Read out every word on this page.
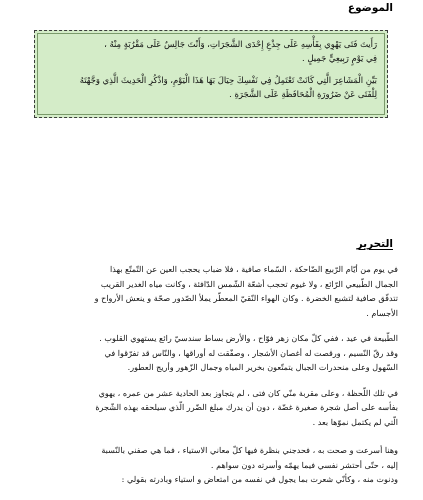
الموضوع
رَأَيتَ فَتَى يَهْوِي بِفَأْسِهِ عَلَى جِذْعِ إِحْدَى الشَّجَرَاتِ، وَأَنْتَ جَالِسٌ عَلَى مَقْرُبَةٍ مِنْهُ ،
فِي يَوْمٍ رَبِيعِيٍّ جَمِيلٍ .
بَيِّنِ الْمَشَاعِرَ الَّتِي كَانَتْ تَعْتَمِلُ فِي نَفْسِكَ حِيَالَ بَهَا هَذَا الْيَوْمِ، وَاذْكُرِ الْحَدِيثَ الَّذِي وَجَّهْتَهُ
لِلْفَتَى عَنْ ضَرُورَةِ الْمُحَافَظَةِ عَلَى الشَّجَرَةِ .
التحرير
في يوم من أيّام الرّبيع الضّاحكة ، السّماء صافية ، فلا ضباب يحجب العين عن التّمتّع بهذا
الجمال الطّبيعي الرّائع ، ولا غيوم تحجب أشعّة الشّمس الدّافئة ، وكانت مياه الغدير القريب
تتدفّق صافية لتشبع الخضرة . وكان الهواء النّقيّ المعطّر يملأ الصّدور صحّة و ينعش الأرواح و
الأجسام .
الطّبيعة في عيد ، ففي كلّ مكان زهر فوّاح ، والأرض بساط سندسيّ رائع يستهوي القلوب .
وقد رقّ النّسيم ، ورقصت له أغصان الأشجار ، وصفّقت له أوراقها ، والنّاس قد تفرّقوا في
السّهول وعلى منحدرات الجبال يتمتّعون بخرير المياه وجمال الزّهور وأريج العطور.
في تلك اللّحظة ، وعلى مقربة منّي كان فتى ، لم يتجاوز بعد الحادية عشر من عمره ، يهوي
بفأسه على أصل شجرة صغيرة غضّة ، دون أن يدرك مبلغ الضّرر الّذي سيلحقه بهذه الشّجرة
الّتي لم يكتمل نموّها بعد .
وهنا أسرعت و صحت به ، فحدجني بنظرة فيها كلّ معاني الاستياء ، فما هي صفني بالنّسبة
إليه ، حتّى أحتشر نفسي فيما يهمّه وأسرته دون سواهم .
ودنوت منه ، وكأنّي شعرت بما يجول في نفسه من امتعاض و استياء وبادرته بقولي :
